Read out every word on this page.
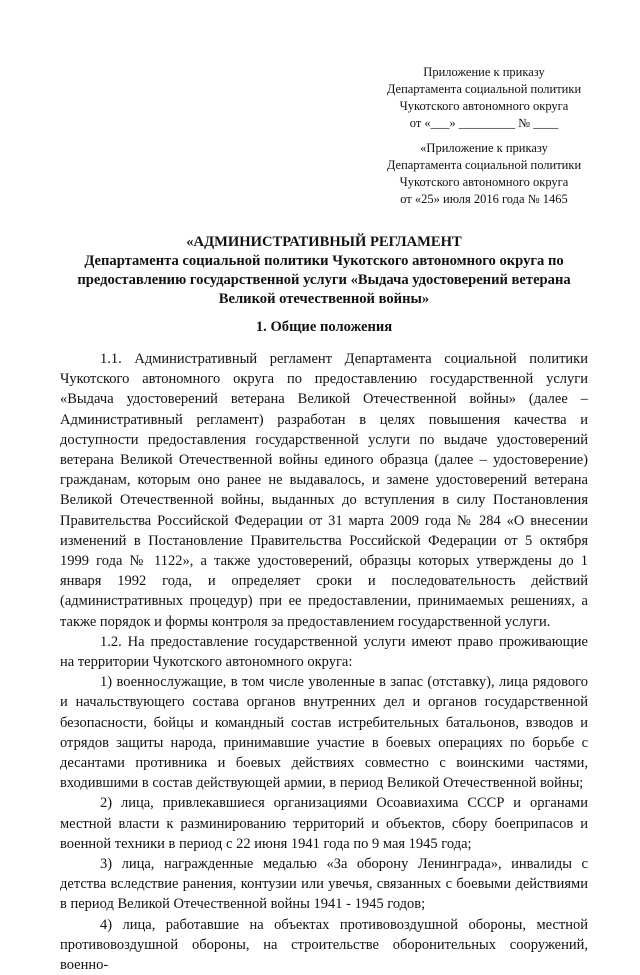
Приложение к приказу
Департамента социальной политики
Чукотского автономного округа
от «___» _________ № ____
«Приложение к приказу
Департамента социальной политики
Чукотского автономного округа
от «25» июля 2016 года № 1465
«АДМИНИСТРАТИВНЫЙ РЕГЛАМЕНТ
Департамента социальной политики Чукотского автономного округа по
предоставлению государственной услуги «Выдача удостоверений ветерана
Великой отечественной войны»
1. Общие положения

1.1. Административный регламент Департамента социальной политики Чукотского автономного округа по предоставлению государственной услуги «Выдача удостоверений ветерана Великой Отечественной войны» (далее – Административный регламент) разработан в целях повышения качества и доступности предоставления государственной услуги по выдаче удостоверений ветерана Великой Отечественной войны единого образца (далее – удостоверение) гражданам, которым оно ранее не выдавалось, и замене удостоверений ветерана Великой Отечественной войны, выданных до вступления в силу Постановления Правительства Российской Федерации от 31 марта 2009 года № 284 «О внесении изменений в Постановление Правительства Российской Федерации от 5 октября 1999 года № 1122», а также удостоверений, образцы которых утверждены до 1 января 1992 года, и определяет сроки и последовательность действий (административных процедур) при ее предоставлении, принимаемых решениях, а также порядок и формы контроля за предоставлением государственной услуги.

1.2. На предоставление государственной услуги имеют право проживающие на территории Чукотского автономного округа:

1) военнослужащие, в том числе уволенные в запас (отставку), лица рядового и начальствующего состава органов внутренних дел и органов государственной безопасности, бойцы и командный состав истребительных батальонов, взводов и отрядов защиты народа, принимавшие участие в боевых операциях по борьбе с десантами противника и боевых действиях совместно с воинскими частями, входившими в состав действующей армии, в период Великой Отечественной войны;

2) лица, привлекавшиеся организациями Осоавиахима СССР и органами местной власти к разминированию территорий и объектов, сбору боеприпасов и военной техники в период с 22 июня 1941 года по 9 мая 1945 года;

3) лица, награжденные медалью «За оборону Ленинграда», инвалиды с детства вследствие ранения, контузии или увечья, связанных с боевыми действиями в период Великой Отечественной войны 1941 - 1945 годов;

4) лица, работавшие на объектах противовоздушной обороны, местной противовоздушной обороны, на строительстве оборонительных сооружений, военно-
